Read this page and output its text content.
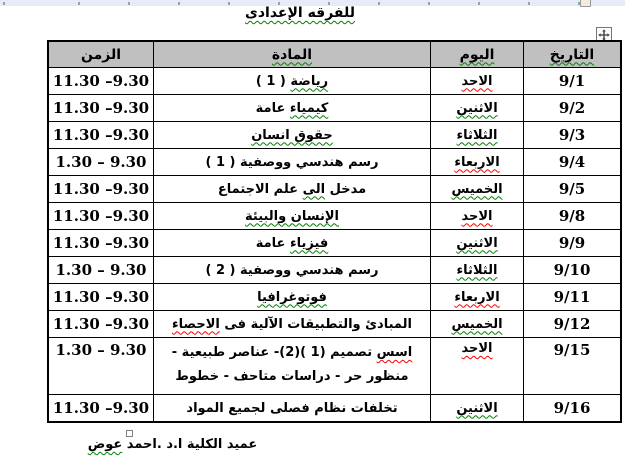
للفرقه الإعدادى
التاريخ	اليوم	المادة	الزمن
9/1	الاحد	رياضة ( 1 )	11.30 –9.30
9/2	الاثنين	كيمياء عامة	11.30 –9.30
9/3	الثلاثاء	حقوق انسان	11.30 –9.30
9/4	الاربعاء	رسم هندسي ووصفية ( 1 )	1.30 – 9.30
9/5	الخميس	مدخل الى علم الاجتماع	11.30 –9.30
9/8	الاحد	الإنسان والبيئة	11.30 –9.30
9/9	الاثنين	فيزياء عامة	11.30 –9.30
9/10	الثلاثاء	رسم هندسي ووصفية ( 2 )	1.30 – 9.30
9/11	الاربعاء	فوتوغرافيا	11.30 –9.30
9/12	الخميس	المبادئ والتطبيقات الآلية فى الاحصاء	11.30 –9.30
9/15	الاحد	اسس تصميم (1 )(2)- عناصر طبيعية - منظور حر - دراسات متاحف - خطوط	1.30 – 9.30
9/16	الاثنين	تخلفات نظام فصلى لجميع المواد	11.30 –9.30
عميد الكلية ا.د .احمد عوض
